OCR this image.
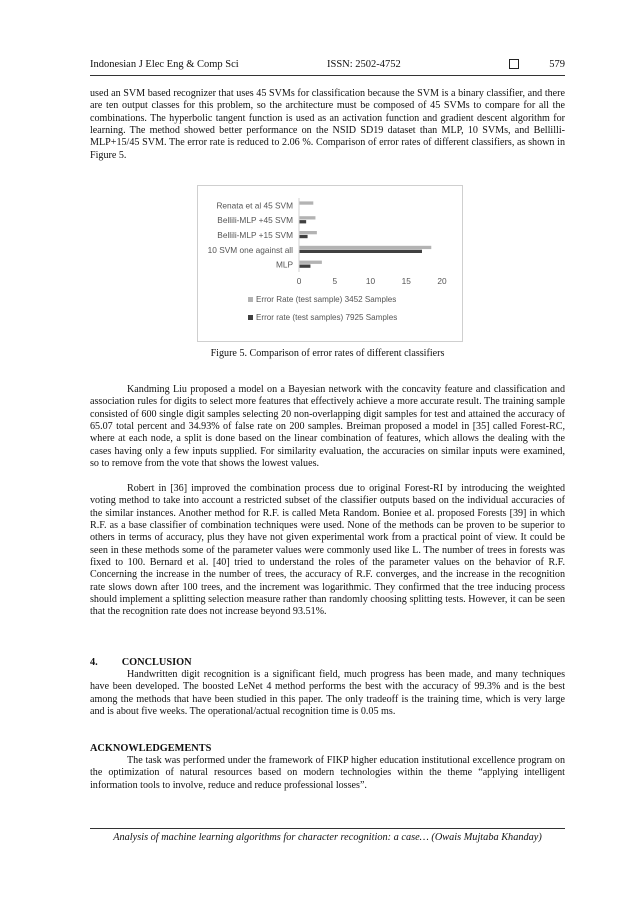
Indonesian J Elec Eng & Comp Sci	ISSN: 2502-4752	579

used an SVM based recognizer that uses 45 SVMs for classification because the SVM is a binary classifier, and there are ten output classes for this problem, so the architecture must be composed of 45 SVMs to compare for all the combinations. The hyperbolic tangent function is used as an activation function and gradient descent algorithm for learning. The method showed better performance on the NSID SD19 dataset than MLP, 10 SVMs, and Bellilli-MLP+15/45 SVM. The error rate is reduced to 2.06 %. Comparison of error rates of different classifiers, as shown in Figure 5.

Renata et al 45 SVM
Bellili-MLP +45 SVM
Bellili-MLP +15 SVM
10 SVM one against all
MLP
0	5	10	15	20
Error Rate (test sample) 3452 Samples
Error rate (test samples) 7925 Samples
Figure 5. Comparison of error rates of different classifiers

Kandming Liu proposed a model on a Bayesian network with the concavity feature and classification and association rules for digits to select more features that effectively achieve a more accurate result. The training sample consisted of 600 single digit samples selecting 20 non-overlapping digit samples for test and attained the accuracy of 65.07 total percent and 34.93% of false rate on 200 samples. Breiman proposed a model in [35] called Forest-RC, where at each node, a split is done based on the linear combination of features, which allows the dealing with the cases having only a few inputs supplied. For similarity evaluation, the accuracies on similar inputs were examined, so to remove from the vote that shows the lowest values.

Robert in [36] improved the combination process due to original Forest-RI by introducing the weighted voting method to take into account a restricted subset of the classifier outputs based on the individual accuracies of the similar instances. Another method for R.F. is called Meta Random. Boniee et al. proposed Forests [39] in which R.F. as a base classifier of combination techniques were used. None of the methods can be proven to be superior to others in terms of accuracy, plus they have not given experimental work from a practical point of view. It could be seen in these methods some of the parameter values were commonly used like L. The number of trees in forests was fixed to 100. Bernard et al. [40] tried to understand the roles of the parameter values on the behavior of R.F. Concerning the increase in the number of trees, the accuracy of R.F. converges, and the increase in the recognition rate slows down after 100 trees, and the increment was logarithmic. They confirmed that the tree inducing process should implement a splitting selection measure rather than randomly choosing splitting tests. However, it can be seen that the recognition rate does not increase beyond 93.51%.

4. CONCLUSION

Handwritten digit recognition is a significant field, much progress has been made, and many techniques have been developed. The boosted LeNet 4 method performs the best with the accuracy of 99.3% and is the best among the methods that have been studied in this paper. The only tradeoff is the training time, which is very large and is about five weeks. The operational/actual recognition time is 0.05 ms.

ACKNOWLEDGEMENTS

The task was performed under the framework of FIKP higher education institutional excellence program on the optimization of natural resources based on modern technologies within the theme “applying intelligent information tools to involve, reduce and reduce professional losses”.

Analysis of machine learning algorithms for character recognition: a case… (Owais Mujtaba Khanday)
